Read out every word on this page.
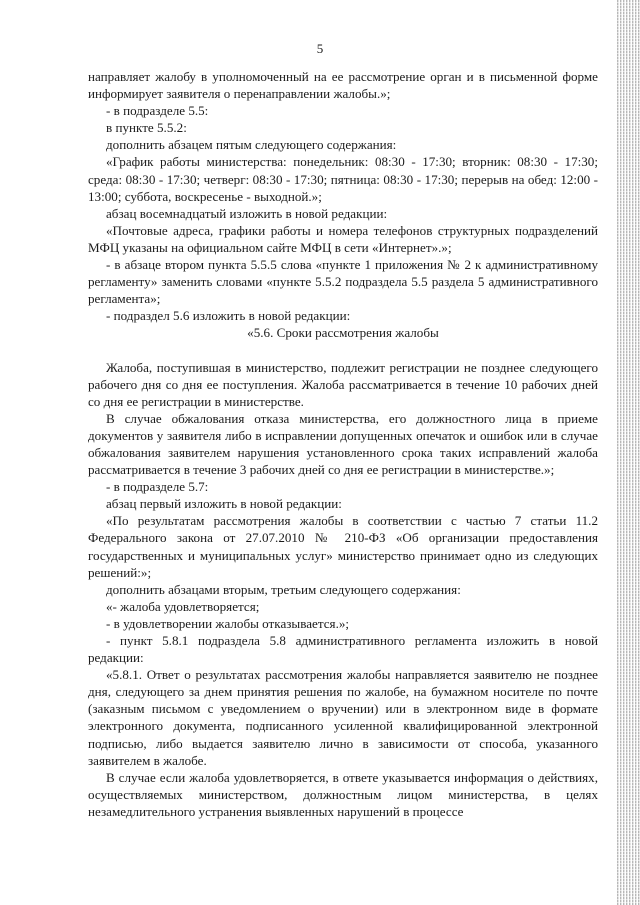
5

направляет жалобу в уполномоченный на ее рассмотрение орган и в письменной форме информирует заявителя о перенаправлении жалобы.»;

- в подразделе 5.5:

в пункте 5.5.2:

дополнить абзацем пятым следующего содержания:

«График работы министерства: понедельник: 08:30 - 17:30; вторник: 08:30 - 17:30; среда: 08:30 - 17:30; четверг: 08:30 - 17:30; пятница: 08:30 - 17:30; перерыв на обед: 12:00 - 13:00; суббота, воскресенье - выходной.»;

абзац восемнадцатый изложить в новой редакции:

«Почтовые адреса, графики работы и номера телефонов структурных подразделений МФЦ указаны на официальном сайте МФЦ в сети «Интернет».»;

- в абзаце втором пункта 5.5.5 слова «пункте 1 приложения № 2 к административному регламенту» заменить словами «пункте 5.5.2 подраздела 5.5 раздела 5 административного регламента»;

- подраздел 5.6 изложить в новой редакции:

«5.6. Сроки рассмотрения жалобы

Жалоба, поступившая в министерство, подлежит регистрации не позднее следующего рабочего дня со дня ее поступления. Жалоба рассматривается в течение 10 рабочих дней со дня ее регистрации в министерстве.

В случае обжалования отказа министерства, его должностного лица в приеме документов у заявителя либо в исправлении допущенных опечаток и ошибок или в случае обжалования заявителем нарушения установленного срока таких исправлений жалоба рассматривается в течение 3 рабочих дней со дня ее регистрации в министерстве.»;

- в подразделе 5.7:

абзац первый изложить в новой редакции:

«По результатам рассмотрения жалобы в соответствии с частью 7 статьи 11.2 Федерального закона от 27.07.2010 № 210-ФЗ «Об организации предоставления государственных и муниципальных услуг» министерство принимает одно из следующих решений:»;

дополнить абзацами вторым, третьим следующего содержания:

«- жалоба удовлетворяется;

- в удовлетворении жалобы отказывается.»;

- пункт 5.8.1 подраздела 5.8 административного регламента изложить в новой редакции:

«5.8.1. Ответ о результатах рассмотрения жалобы направляется заявителю не позднее дня, следующего за днем принятия решения по жалобе, на бумажном носителе по почте (заказным письмом с уведомлением о вручении) или в электронном виде в формате электронного документа, подписанного усиленной квалифицированной электронной подписью, либо выдается заявителю лично в зависимости от способа, указанного заявителем в жалобе.

В случае если жалоба удовлетворяется, в ответе указывается информация о действиях, осуществляемых министерством, должностным лицом министерства, в целях незамедлительного устранения выявленных нарушений в процессе
